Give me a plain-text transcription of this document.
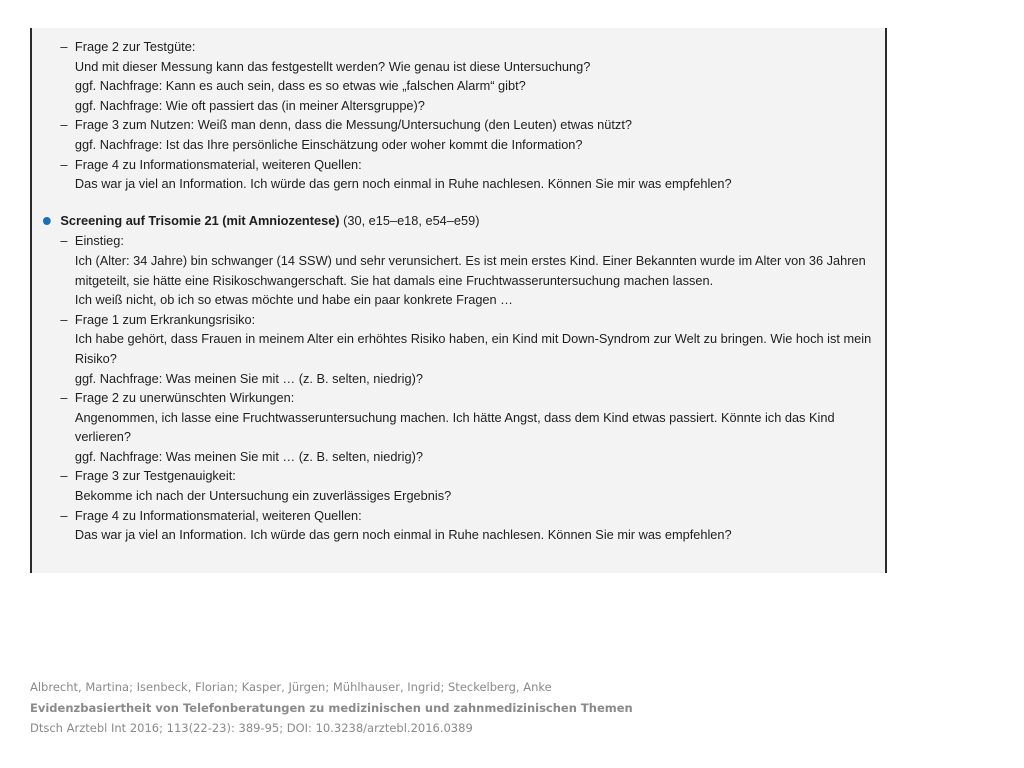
– Frage 2 zur Testgüte:
Und mit dieser Messung kann das festgestellt werden? Wie genau ist diese Untersuchung?
ggf. Nachfrage: Kann es auch sein, dass es so etwas wie „falschen Alarm“ gibt?
ggf. Nachfrage: Wie oft passiert das (in meiner Altersgruppe)?
– Frage 3 zum Nutzen: Weiß man denn, dass die Messung/Untersuchung (den Leuten) etwas nützt?
ggf. Nachfrage: Ist das Ihre persönliche Einschätzung oder woher kommt die Information?
– Frage 4 zu Informationsmaterial, weiteren Quellen:
Das war ja viel an Information. Ich würde das gern noch einmal in Ruhe nachlesen. Können Sie mir was empfehlen?
Screening auf Trisomie 21 (mit Amniozentese) (30, e15–e18, e54–e59)
– Einstieg:
Ich (Alter: 34 Jahre) bin schwanger (14 SSW) und sehr verunsichert. Es ist mein erstes Kind. Einer Bekannten wurde im Alter von 36 Jahren
mitgeteilt, sie hätte eine Risikoschwangerschaft. Sie hat damals eine Fruchtwasseruntersuchung machen lassen.
Ich weiß nicht, ob ich so etwas möchte und habe ein paar konkrete Fragen …
– Frage 1 zum Erkrankungsrisiko:
Ich habe gehört, dass Frauen in meinem Alter ein erhöhtes Risiko haben, ein Kind mit Down-Syndrom zur Welt zu bringen. Wie hoch ist mein
Risiko?
ggf. Nachfrage: Was meinen Sie mit … (z. B. selten, niedrig)?
– Frage 2 zu unerwünschten Wirkungen:
Angenommen, ich lasse eine Fruchtwasseruntersuchung machen. Ich hätte Angst, dass dem Kind etwas passiert. Könnte ich das Kind
verlieren?
ggf. Nachfrage: Was meinen Sie mit … (z. B. selten, niedrig)?
– Frage 3 zur Testgenauigkeit:
Bekomme ich nach der Untersuchung ein zuverlässiges Ergebnis?
– Frage 4 zu Informationsmaterial, weiteren Quellen:
Das war ja viel an Information. Ich würde das gern noch einmal in Ruhe nachlesen. Können Sie mir was empfehlen?
Albrecht, Martina; Isenbeck, Florian; Kasper, Jürgen; Mühlhauser, Ingrid; Steckelberg, Anke
Evidenzbasiertheit von Telefonberatungen zu medizinischen und zahnmedizinischen Themen
Dtsch Arztebl Int 2016; 113(22-23): 389-95; DOI: 10.3238/arztebl.2016.0389
